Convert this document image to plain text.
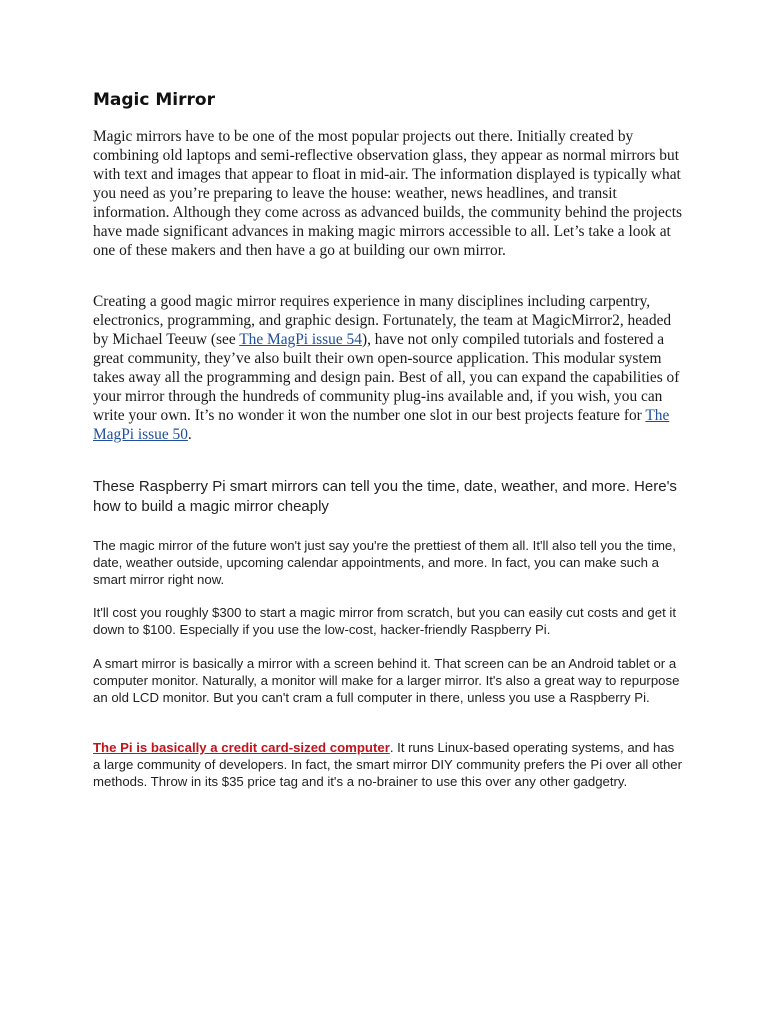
Magic Mirror

Magic mirrors have to be one of the most popular projects out there. Initially created by combining old laptops and semi-reflective observation glass, they appear as normal mirrors but with text and images that appear to float in mid-air. The information displayed is typically what you need as you’re preparing to leave the house: weather, news headlines, and transit information. Although they come across as advanced builds, the community behind the projects have made significant advances in making magic mirrors accessible to all. Let’s take a look at one of these makers and then have a go at building our own mirror.

Creating a good magic mirror requires experience in many disciplines including carpentry, electronics, programming, and graphic design. Fortunately, the team at MagicMirror2, headed by Michael Teeuw (see The MagPi issue 54), have not only compiled tutorials and fostered a great community, they’ve also built their own open-source application. This modular system takes away all the programming and design pain. Best of all, you can expand the capabilities of your mirror through the hundreds of community plug-ins available and, if you wish, you can write your own. It’s no wonder it won the number one slot in our best projects feature for The MagPi issue 50.

These Raspberry Pi smart mirrors can tell you the time, date, weather, and more. Here's how to build a magic mirror cheaply

The magic mirror of the future won't just say you're the prettiest of them all. It'll also tell you the time, date, weather outside, upcoming calendar appointments, and more. In fact, you can make such a smart mirror right now.

It'll cost you roughly $300 to start a magic mirror from scratch, but you can easily cut costs and get it down to $100. Especially if you use the low-cost, hacker-friendly Raspberry Pi.

A smart mirror is basically a mirror with a screen behind it. That screen can be an Android tablet or a computer monitor. Naturally, a monitor will make for a larger mirror. It's also a great way to repurpose an old LCD monitor. But you can't cram a full computer in there, unless you use a Raspberry Pi.

The Pi is basically a credit card-sized computer. It runs Linux-based operating systems, and has a large community of developers. In fact, the smart mirror DIY community prefers the Pi over all other methods. Throw in its $35 price tag and it's a no-brainer to use this over any other gadgetry.
